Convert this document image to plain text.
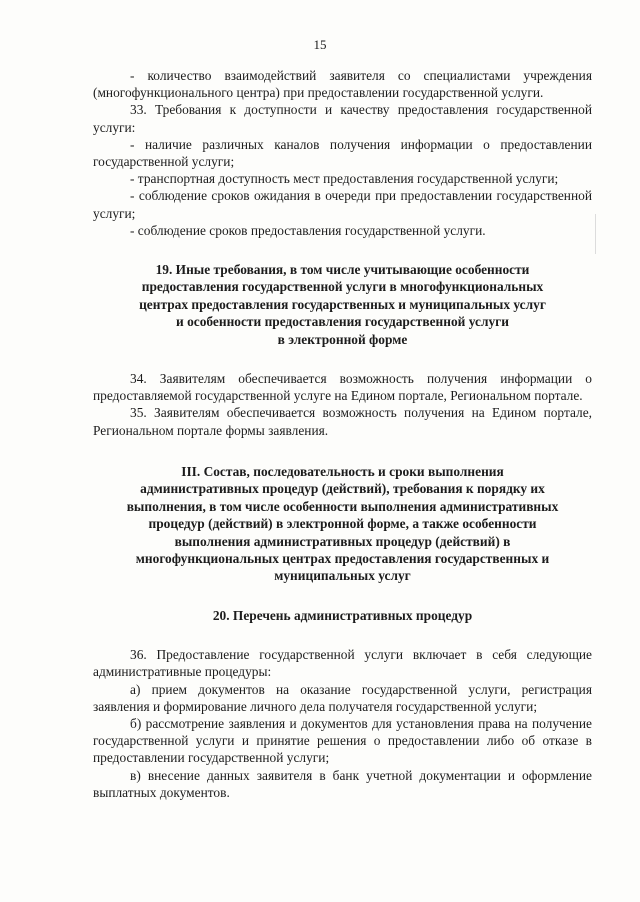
15

- количество взаимодействий заявителя со специалистами учреждения (многофункционального центра) при предоставлении государственной услуги.

33. Требования к доступности и качеству предоставления государственной услуги:

- наличие различных каналов получения информации о предоставлении государственной услуги;

- транспортная доступность мест предоставления государственной услуги;

- соблюдение сроков ожидания в очереди при предоставлении государственной услуги;

- соблюдение сроков предоставления государственной услуги.

19. Иные требования, в том числе учитывающие особенности
предоставления государственной услуги в многофункциональных
центрах предоставления государственных и муниципальных услуг
и особенности предоставления государственной услуги
в электронной форме

34. Заявителям обеспечивается возможность получения информации о предоставляемой государственной услуге на Едином портале, Региональном портале.

35. Заявителям обеспечивается возможность получения на Едином портале, Региональном портале формы заявления.

III. Состав, последовательность и сроки выполнения
административных процедур (действий), требования к порядку их
выполнения, в том числе особенности выполнения административных
процедур (действий) в электронной форме, а также особенности
выполнения административных процедур (действий) в
многофункциональных центрах предоставления государственных и
муниципальных услуг
20. Перечень административных процедур

36. Предоставление государственной услуги включает в себя следующие административные процедуры:

а) прием документов на оказание государственной услуги, регистрация заявления и формирование личного дела получателя государственной услуги;

б) рассмотрение заявления и документов для установления права на получение государственной услуги и принятие решения о предоставлении либо об отказе в предоставлении государственной услуги;

в) внесение данных заявителя в банк учетной документации и оформление выплатных документов.
